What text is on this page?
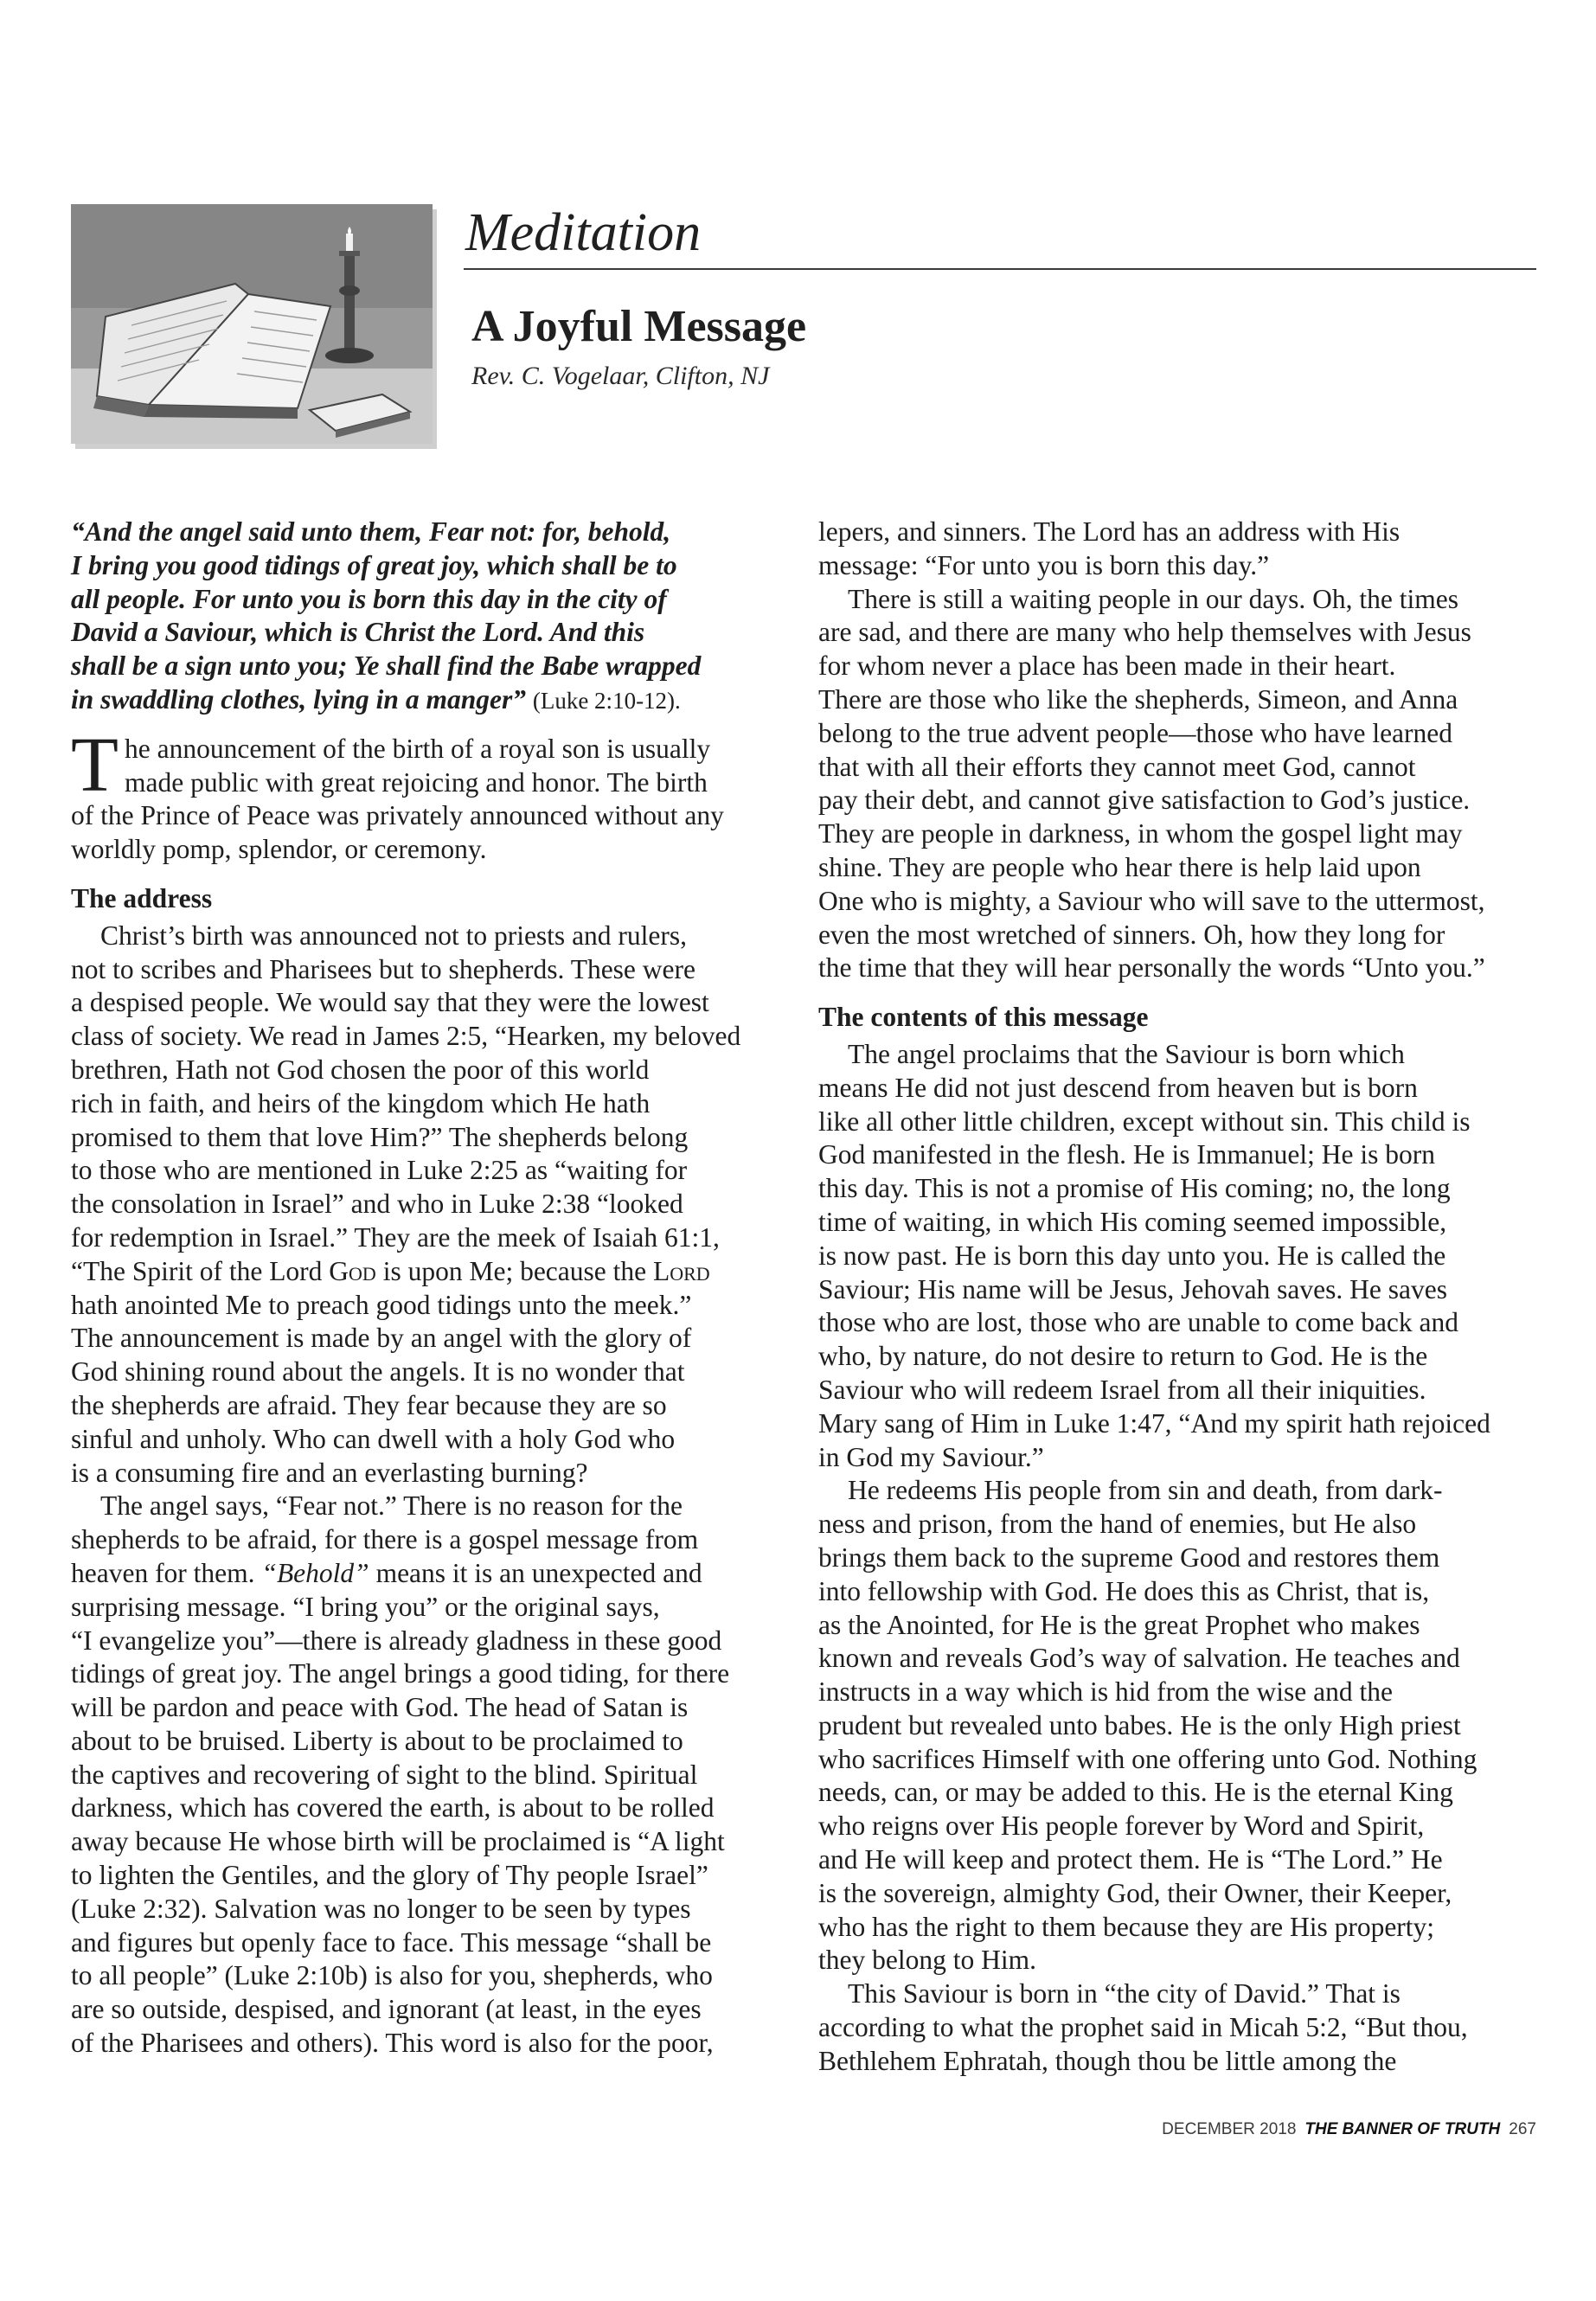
Meditation
A Joyful Message
Rev. C. Vogelaar, Clifton, NJ
“And the angel said unto them, Fear not: for, behold,
I bring you good tidings of great joy, which shall be to
all people. For unto you is born this day in the city of
David a Saviour, which is Christ the Lord. And this
shall be a sign unto you; Ye shall find the Babe wrapped
in swaddling clothes, lying in a manger” (Luke 2:10-12).
T he announcement of the birth of a royal son is usually
made public with great rejoicing and honor. The birth
of the Prince of Peace was privately announced without any
worldly pomp, splendor, or ceremony.
The address
Christ’s birth was announced not to priests and rulers,
not to scribes and Pharisees but to shepherds. These were
a despised people. We would say that they were the lowest
class of society. We read in James 2:5, “Hearken, my beloved
brethren, Hath not God chosen the poor of this world
rich in faith, and heirs of the kingdom which He hath
promised to them that love Him?” The shepherds belong
to those who are mentioned in Luke 2:25 as “waiting for
the consolation in Israel” and who in Luke 2:38 “looked
for redemption in Israel.” They are the meek of Isaiah 61:1,
“The Spirit of the Lord God is upon Me; because the Lord
hath anointed Me to preach good tidings unto the meek.”
The announcement is made by an angel with the glory of
God shining round about the angels. It is no wonder that
the shepherds are afraid. They fear because they are so
sinful and unholy. Who can dwell with a holy God who
is a consuming fire and an everlasting burning?
The angel says, “Fear not.” There is no reason for the
shepherds to be afraid, for there is a gospel message from
heaven for them. “Behold” means it is an unexpected and
surprising message. “I bring you” or the original says,
“I evangelize you”—there is already gladness in these good
tidings of great joy. The angel brings a good tiding, for there
will be pardon and peace with God. The head of Satan is
about to be bruised. Liberty is about to be proclaimed to
the captives and recovering of sight to the blind. Spiritual
darkness, which has covered the earth, is about to be rolled
away because He whose birth will be proclaimed is “A light
to lighten the Gentiles, and the glory of Thy people Israel”
(Luke 2:32). Salvation was no longer to be seen by types
and figures but openly face to face. This message “shall be
to all people” (Luke 2:10b) is also for you, shepherds, who
are so outside, despised, and ignorant (at least, in the eyes
of the Pharisees and others). This word is also for the poor,
lepers, and sinners. The Lord has an address with His
message: “For unto you is born this day.”
There is still a waiting people in our days. Oh, the times
are sad, and there are many who help themselves with Jesus
for whom never a place has been made in their heart.
There are those who like the shepherds, Simeon, and Anna
belong to the true advent people—those who have learned
that with all their efforts they cannot meet God, cannot
pay their debt, and cannot give satisfaction to God’s justice.
They are people in darkness, in whom the gospel light may
shine. They are people who hear there is help laid upon
One who is mighty, a Saviour who will save to the uttermost,
even the most wretched of sinners. Oh, how they long for
the time that they will hear personally the words “Unto you.”
The contents of this message
The angel proclaims that the Saviour is born which
means He did not just descend from heaven but is born
like all other little children, except without sin. This child is
God manifested in the flesh. He is Immanuel; He is born
this day. This is not a promise of His coming; no, the long
time of waiting, in which His coming seemed impossible,
is now past. He is born this day unto you. He is called the
Saviour; His name will be Jesus, Jehovah saves. He saves
those who are lost, those who are unable to come back and
who, by nature, do not desire to return to God. He is the
Saviour who will redeem Israel from all their iniquities.
Mary sang of Him in Luke 1:47, “And my spirit hath rejoiced
in God my Saviour.”
He redeems His people from sin and death, from dark-
ness and prison, from the hand of enemies, but He also
brings them back to the supreme Good and restores them
into fellowship with God. He does this as Christ, that is,
as the Anointed, for He is the great Prophet who makes
known and reveals God’s way of salvation. He teaches and
instructs in a way which is hid from the wise and the
prudent but revealed unto babes. He is the only High priest
who sacrifices Himself with one offering unto God. Nothing
needs, can, or may be added to this. He is the eternal King
who reigns over His people forever by Word and Spirit,
and He will keep and protect them. He is “The Lord.” He
is the sovereign, almighty God, their Owner, their Keeper,
who has the right to them because they are His property;
they belong to Him.
This Saviour is born in “the city of David.” That is
according to what the prophet said in Micah 5:2, “But thou,
Bethlehem Ephratah, though thou be little among the
DECEMBER 2018 THE BANNER OF TRUTH 267
